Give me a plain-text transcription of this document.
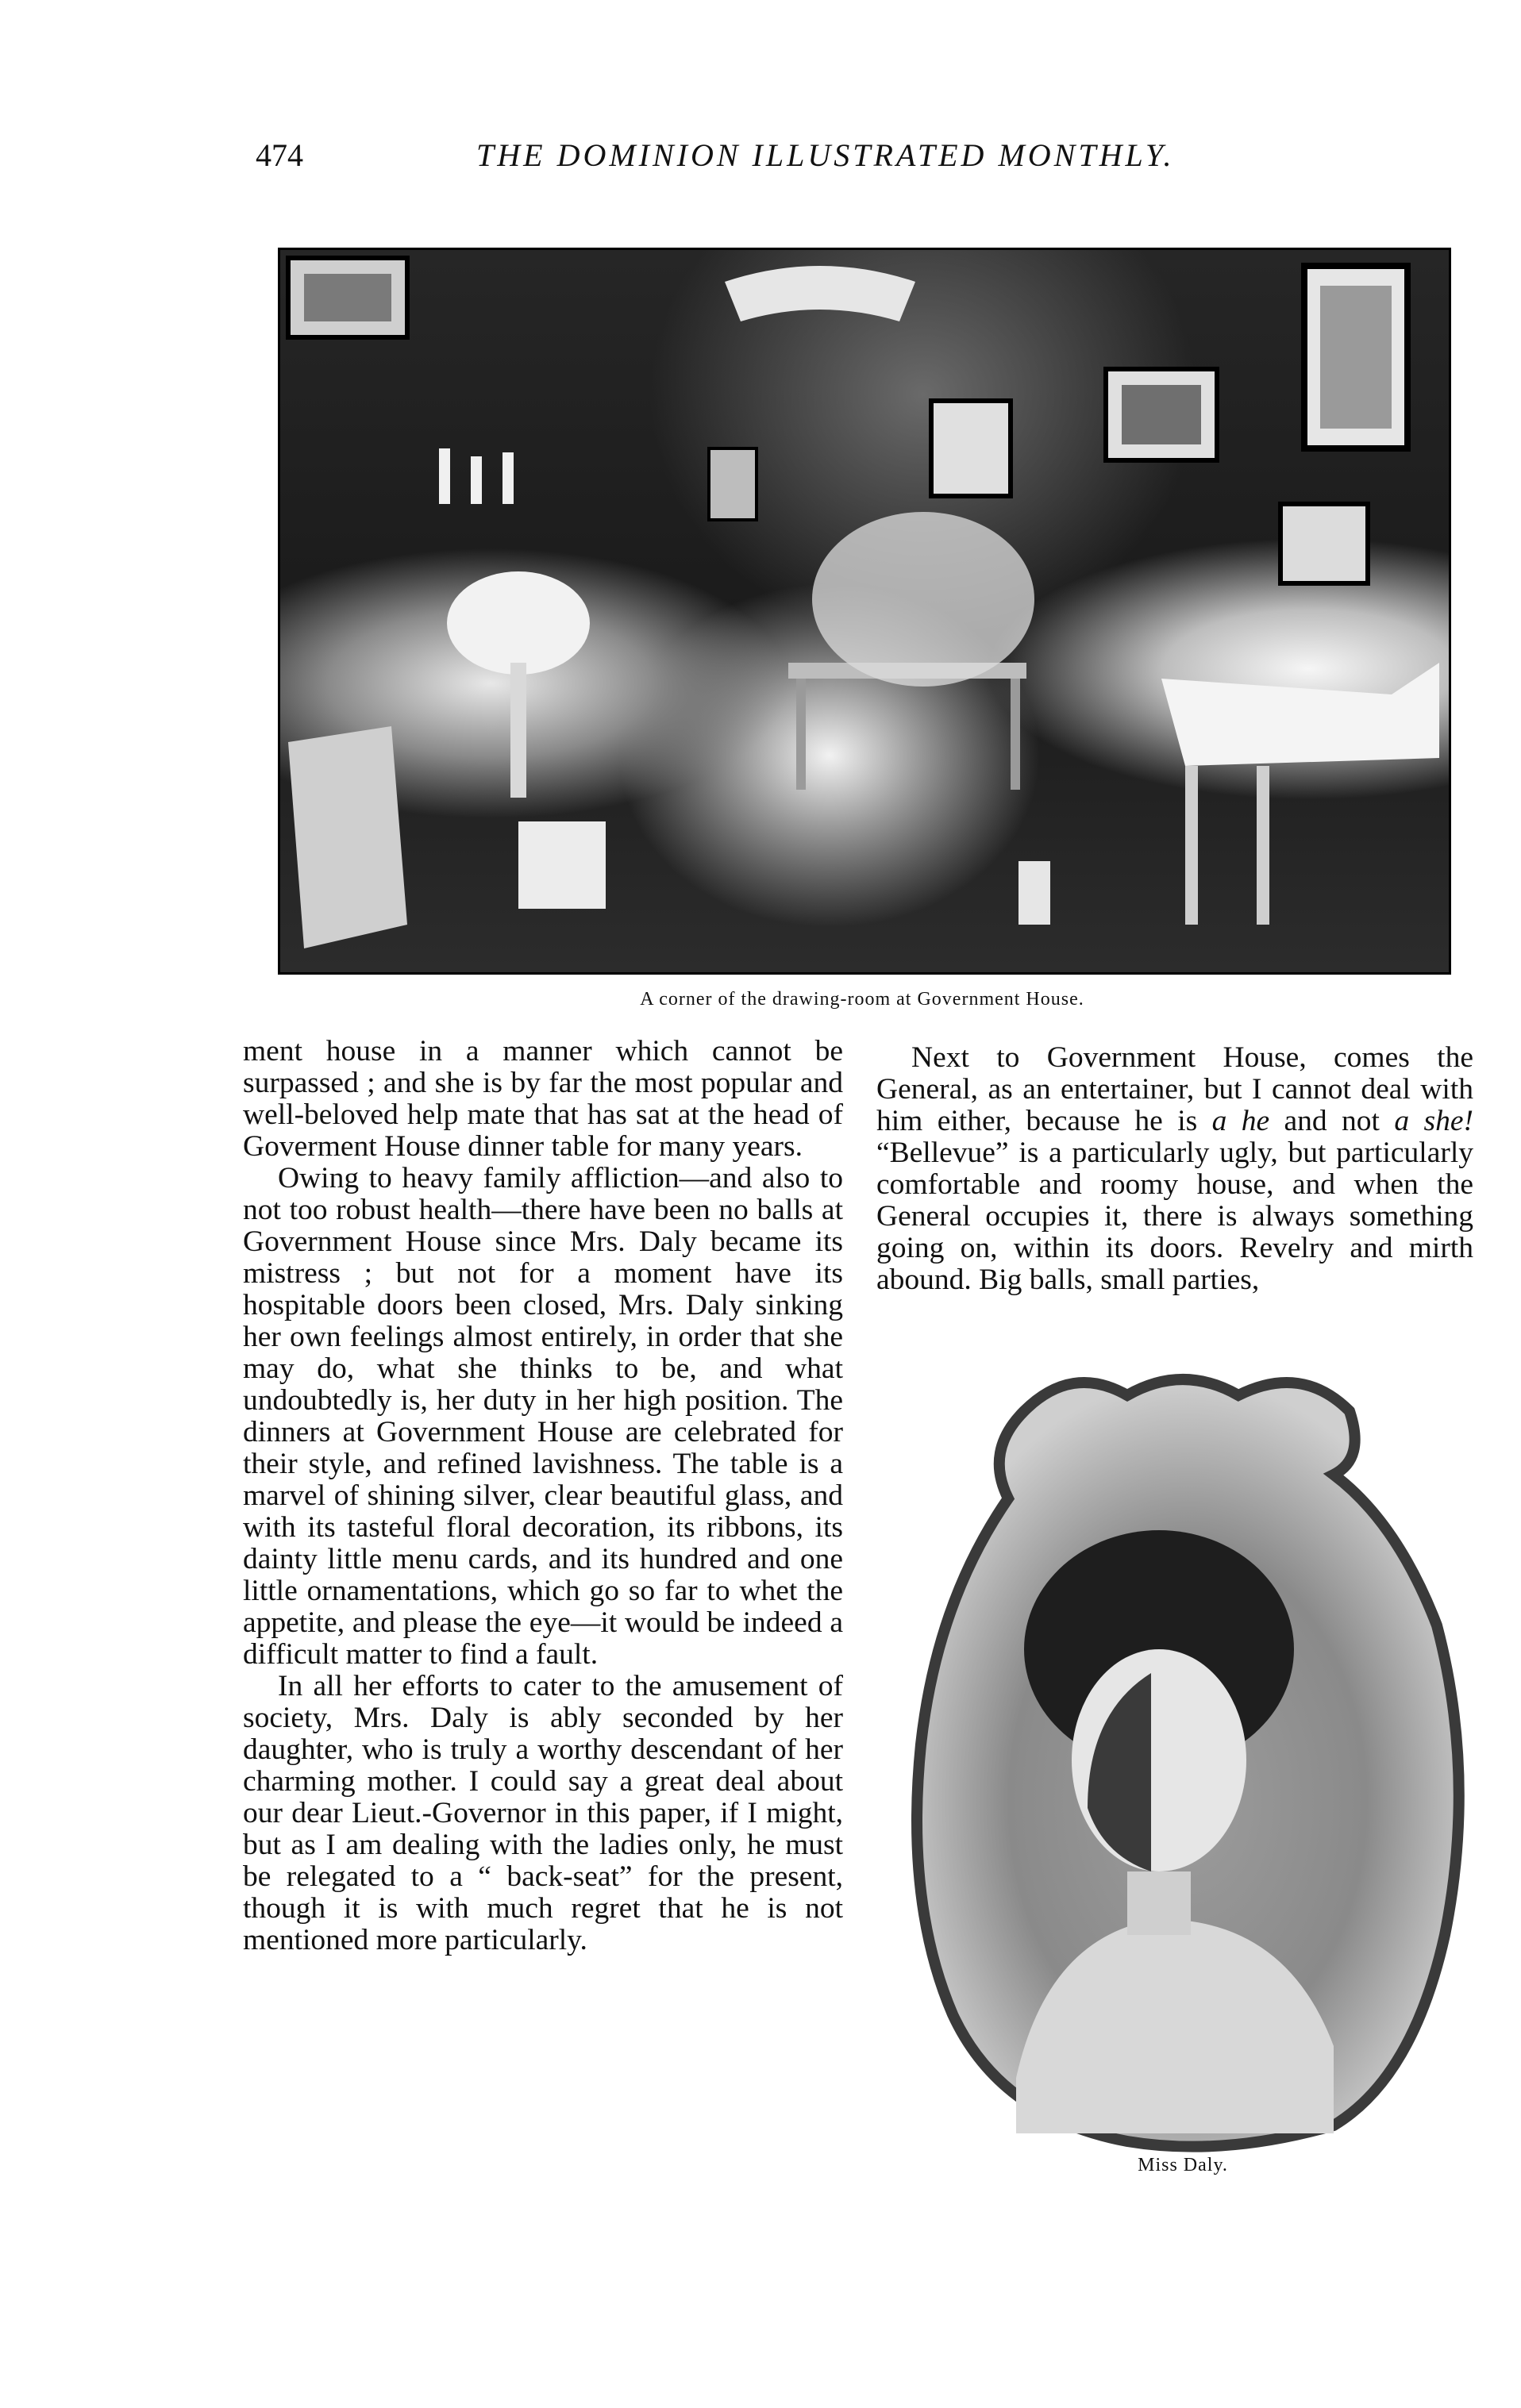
474	THE DOMINION ILLUSTRATED MONTHLY.
A corner of the drawing-room at Government House.

ment house in a manner which cannot be surpassed ; and she is by far the most popular and well-beloved help mate that has sat at the head of Goverment House dinner table for many years.

Owing to heavy family affliction—and also to not too robust health—there have been no balls at Government House since Mrs. Daly became its mistress ; but not for a moment have its hospitable doors been closed, Mrs. Daly sinking her own feelings almost entirely, in order that she may do, what she thinks to be, and what undoubtedly is, her duty in her high position. The dinners at Government House are celebrated for their style, and refined lavishness. The table is a marvel of shining silver, clear beautiful glass, and with its tasteful floral decoration, its ribbons, its dainty little menu cards, and its hundred and one little ornamentations, which go so far to whet the appetite, and please the eye—it would be indeed a difficult matter to find a fault.

In all her efforts to cater to the amusement of society, Mrs. Daly is ably seconded by her daughter, who is truly a worthy descendant of her charming mother. I could say a great deal about our dear Lieut.-Governor in this paper, if I might, but as I am dealing with the ladies only, he must be relegated to a “ back-seat” for the present, though it is with much regret that he is not mentioned more particularly.

Next to Government House, comes the General, as an entertainer, but I cannot deal with him either, because he is a he and not a she! “Bellevue” is a particularly ugly, but particularly comfortable and roomy house, and when the General occupies it, there is always something going on, within its doors. Revelry and mirth abound. Big balls, small parties,

Miss Daly.
